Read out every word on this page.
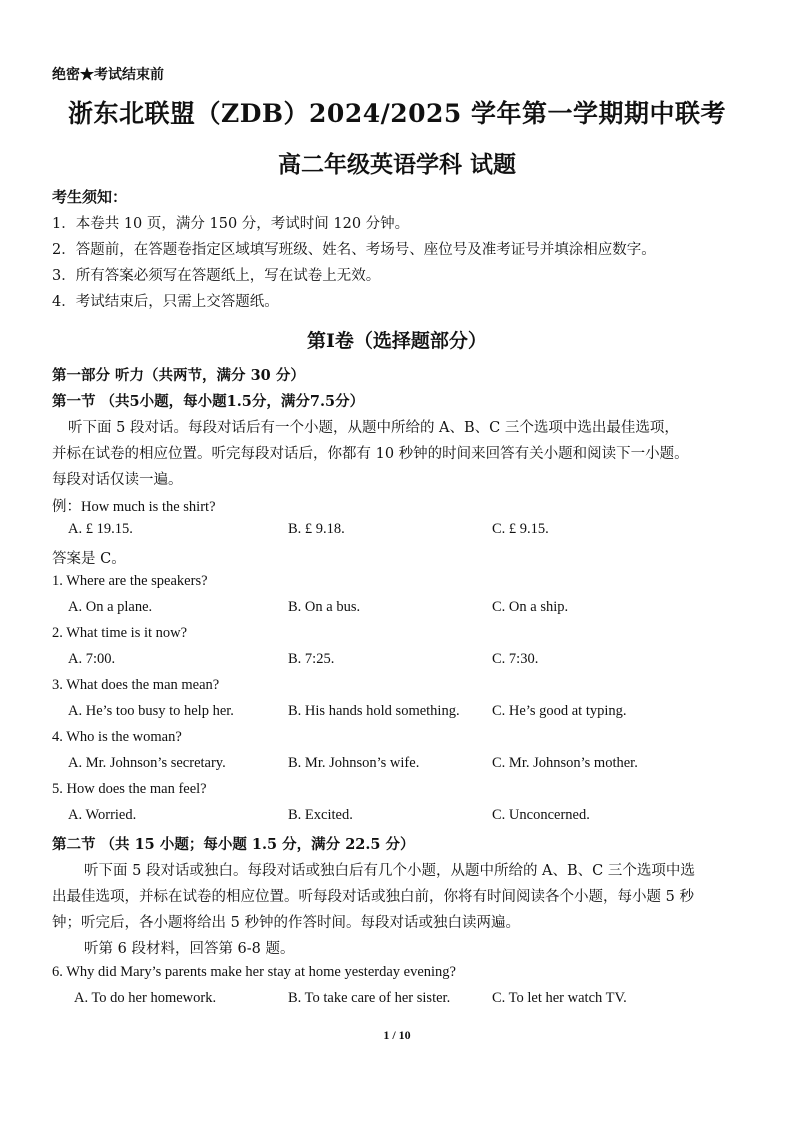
绝密★考试结束前
浙东北联盟（ZDB）2024/2025 学年第一学期期中联考
高二年级英语学科 试题
考生须知：
1．本卷共 10 页，满分 150 分，考试时间 120 分钟。
2．答题前，在答题卷指定区域填写班级、姓名、考场号、座位号及准考证号并填涂相应数字。
3．所有答案必须写在答题纸上，写在试卷上无效。
4．考试结束后，只需上交答题纸。
第Ⅰ卷（选择题部分）
第一部分 听力（共两节，满分 30 分）
第一节 （共5小题，每小题1.5分，满分7.5分）
听下面 5 段对话。每段对话后有一个小题，从题中所给的 A、B、C 三个选项中选出最佳选项，
并标在试卷的相应位置。听完每段对话后，你都有 10 秒钟的时间来回答有关小题和阅读下一小题。
每段对话仅读一遍。
例：How much is the shirt?
A. £ 19.15.	B. £ 9.18.	C. £ 9.15.
答案是 C。
1. Where are the speakers?
A. On a plane.	B. On a bus.	C. On a ship.
2. What time is it now?
A. 7:00.	B. 7:25.	C. 7:30.
3. What does the man mean?
A. He’s too busy to help her.	B. His hands hold something. C. He’s good at typing.
4. Who is the woman?
A. Mr. Johnson’s secretary.	B. Mr. Johnson’s wife.	C. Mr. Johnson’s mother.
5. How does the man feel?
A. Worried.	B. Excited.	C. Unconcerned.
第二节 （共 15 小题；每小题 1.5 分，满分 22.5 分）
听下面 5 段对话或独白。每段对话或独白后有几个小题，从题中所给的 A、B、C 三个选项中选
出最佳选项，并标在试卷的相应位置。听每段对话或独白前，你将有时间阅读各个小题，每小题 5 秒
钟；听完后，各小题将给出 5 秒钟的作答时间。每段对话或独白读两遍。
听第 6 段材料，回答第 6-8 题。
6. Why did Mary’s parents make her stay at home yesterday evening?
A. To do her homework.	B. To take care of her sister.	C. To let her watch TV.
1 / 10
